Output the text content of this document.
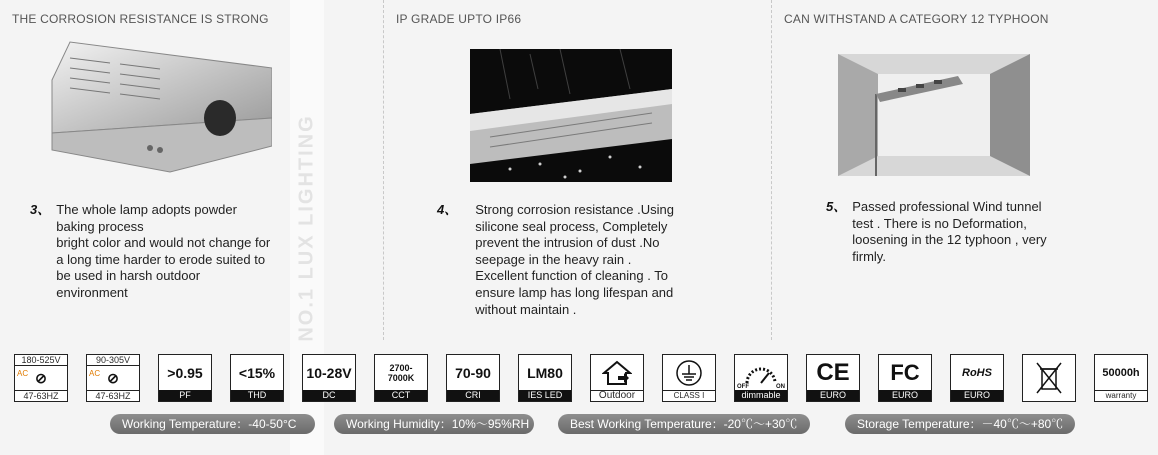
THE CORROSION RESISTANCE IS STRONG
3、 The whole lamp adopts powder
baking process
bright color and would not change for
a long time harder to erode suited to
be used in harsh outdoor
environment
IP GRADE UPTO IP66
4、 Strong corrosion resistance .Using
silicone seal process, Completely
prevent the intrusion of dust .No
seepage in the heavy rain .
Excellent function of cleaning . To
ensure lamp has long lifespan and
without maintain .
CAN WITHSTAND A CATEGORY 12 TYPHOON
5、 Passed professional Wind tunnel
test . There is no Deformation,
loosening in the 12 typhoon , very
firmly.
NO.1 LUX LIGHTING
180-525V
⊘
AC
47-63HZ
90-305V
⊘
AC
47-63HZ
>0.95
PF
<15%
THD
10-28V
DC
2700-
7000K
CCT
70-90
CRI
LM80
IES LED	Outdoor	CLASS I
OFF	ON
dimmable
CE
EURO
FC
EURO
RoHS
EURO
50000h
warranty
Working Temperature：-40-50°C	Working Humidity：10%～95%RH	Best Working Temperature：-20℃～+30℃	Storage Temperature：－40℃～+80℃
